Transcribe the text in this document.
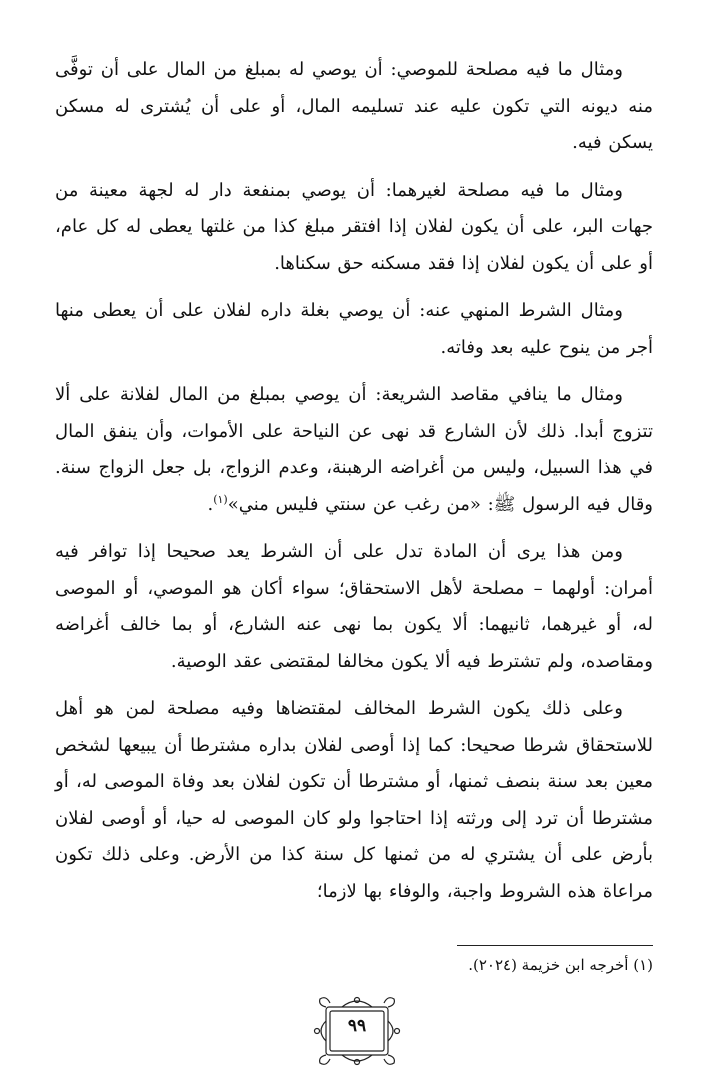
ومثال ما فيه مصلحة للموصي: أن يوصي له بمبلغ من المال على أن توفَّى منه ديونه التي تكون عليه عند تسليمه المال، أو على أن يُشترى له مسكن يسكن فيه.

ومثال ما فيه مصلحة لغيرهما: أن يوصي بمنفعة دار له لجهة معينة من جهات البر، على أن يكون لفلان إذا افتقر مبلغ كذا من غلتها يعطى له كل عام، أو على أن يكون لفلان إذا فقد مسكنه حق سكناها.

ومثال الشرط المنهي عنه: أن يوصي بغلة داره لفلان على أن يعطى منها أجر من ينوح عليه بعد وفاته.

ومثال ما ينافي مقاصد الشريعة: أن يوصي بمبلغ من المال لفلانة على ألا تتزوج أبدا. ذلك لأن الشارع قد نهى عن النياحة على الأموات، وأن ينفق المال في هذا السبيل، وليس من أغراضه الرهبنة، وعدم الزواج، بل جعل الزواج سنة. وقال فيه الرسول ﷺ: «من رغب عن سنتي فليس مني»$^{(١)}$.

ومن هذا يرى أن المادة تدل على أن الشرط يعد صحيحا إذا توافر فيه أمران: أولهما – مصلحة لأهل الاستحقاق؛ سواء أكان هو الموصي، أو الموصى له، أو غيرهما، ثانيهما: ألا يكون بما نهى عنه الشارع، أو بما خالف أغراضه ومقاصده، ولم تشترط فيه ألا يكون مخالفا لمقتضى عقد الوصية.

وعلى ذلك يكون الشرط المخالف لمقتضاها وفيه مصلحة لمن هو أهل للاستحقاق شرطا صحيحا: كما إذا أوصى لفلان بداره مشترطا أن يبيعها لشخص معين بعد سنة بنصف ثمنها، أو مشترطا أن تكون لفلان بعد وفاة الموصى له، أو مشترطا أن ترد إلى ورثته إذا احتاجوا ولو كان الموصى له حيا، أو أوصى لفلان بأرض على أن يشتري له من ثمنها كل سنة كذا من الأرض. وعلى ذلك تكون مراعاة هذه الشروط واجبة، والوفاء بها لازما؛

(١) أخرجه ابن خزيمة (٢٠٢٤).
٩٩
